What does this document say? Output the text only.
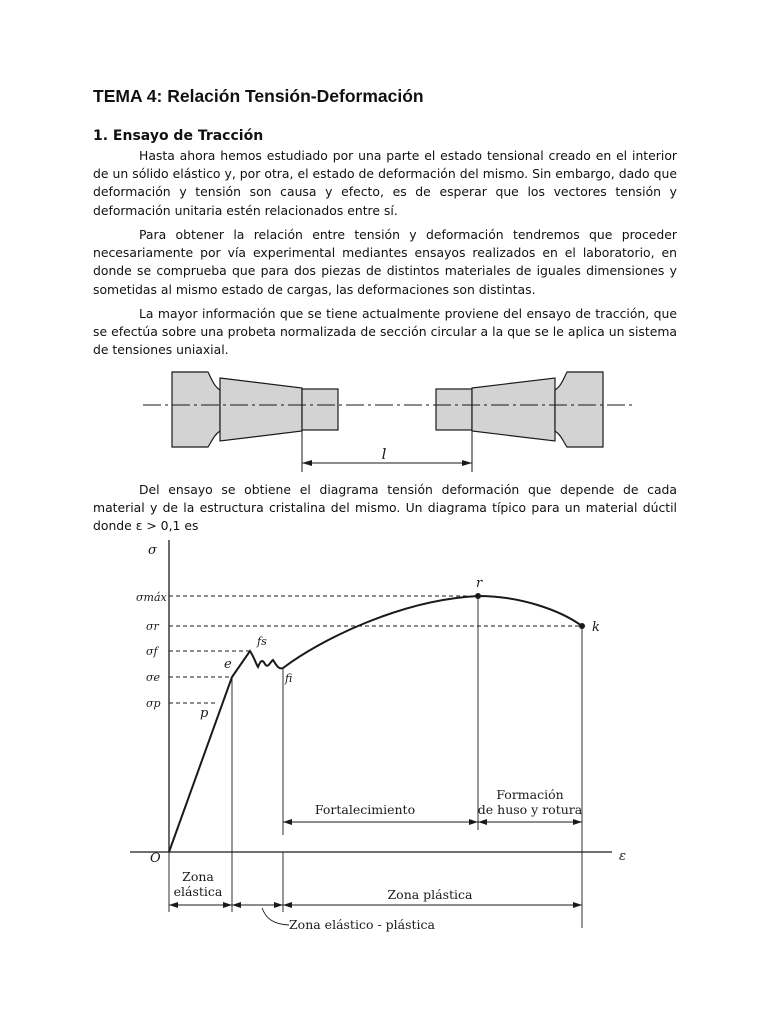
TEMA 4: Relación Tensión-Deformación
1. Ensayo de Tracción

Hasta ahora hemos estudiado por una parte el estado tensional creado en el interior de un sólido elástico y, por otra, el estado de deformación del mismo. Sin embargo, dado que deformación y tensión son causa y efecto, es de esperar que los vectores tensión y deformación unitaria estén relacionados entre sí.

Para obtener la relación entre tensión y deformación tendremos que proceder necesariamente por vía experimental mediantes ensayos realizados en el laboratorio, en donde se comprueba que para dos piezas de distintos materiales de iguales dimensiones y sometidas al mismo estado de cargas, las deformaciones son distintas.

La mayor información que se tiene actualmente proviene del ensayo de tracción, que se efectúa sobre una probeta normalizada de sección circular a la que se le aplica un sistema de tensiones uniaxial.

Del ensayo se obtiene el diagrama tensión deformación que depende de cada material y de la estructura cristalina del mismo. Un diagrama típico para un material dúctil donde ε > 0,1 es

l
σ
ε
O
σmáx
σr
σf
σe
σp
p
e
fs
fi
r
k
Fortalecimiento
Formación
de huso y rotura
Zona
elástica	Zona plástica
Zona elástico - plástica
